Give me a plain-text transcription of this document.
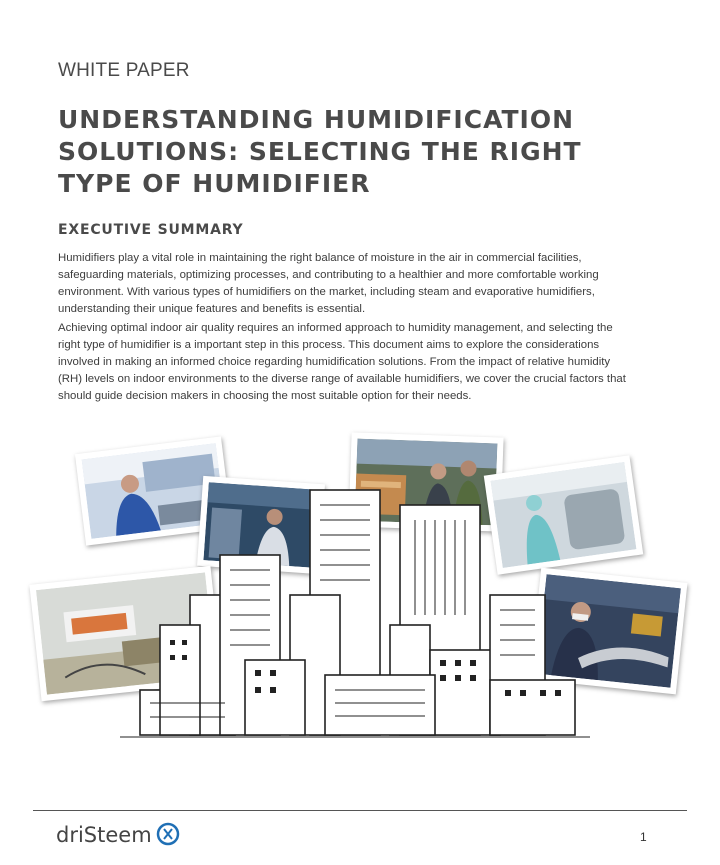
WHITE PAPER
UNDERSTANDING HUMIDIFICATION
SOLUTIONS: SELECTING THE RIGHT
TYPE OF HUMIDIFIER
EXECUTIVE SUMMARY

Humidifiers play a vital role in maintaining the right balance of moisture in the air in commercial facilities,
safeguarding materials, optimizing processes, and contributing to a healthier and more comfortable working
environment. With various types of humidifiers on the market, including steam and evaporative humidifiers,
understanding their unique features and benefits is essential.

Achieving optimal indoor air quality requires an informed approach to humidity management, and selecting the
right type of humidifier is a important step in this process. This document aims to explore the considerations
involved in making an informed choice regarding humidification solutions. From the impact of relative humidity
(RH) levels on indoor environments to the diverse range of available humidifiers, we cover the crucial factors that
should guide decision makers in choosing the most suitable option for their needs.

driSteem	1
